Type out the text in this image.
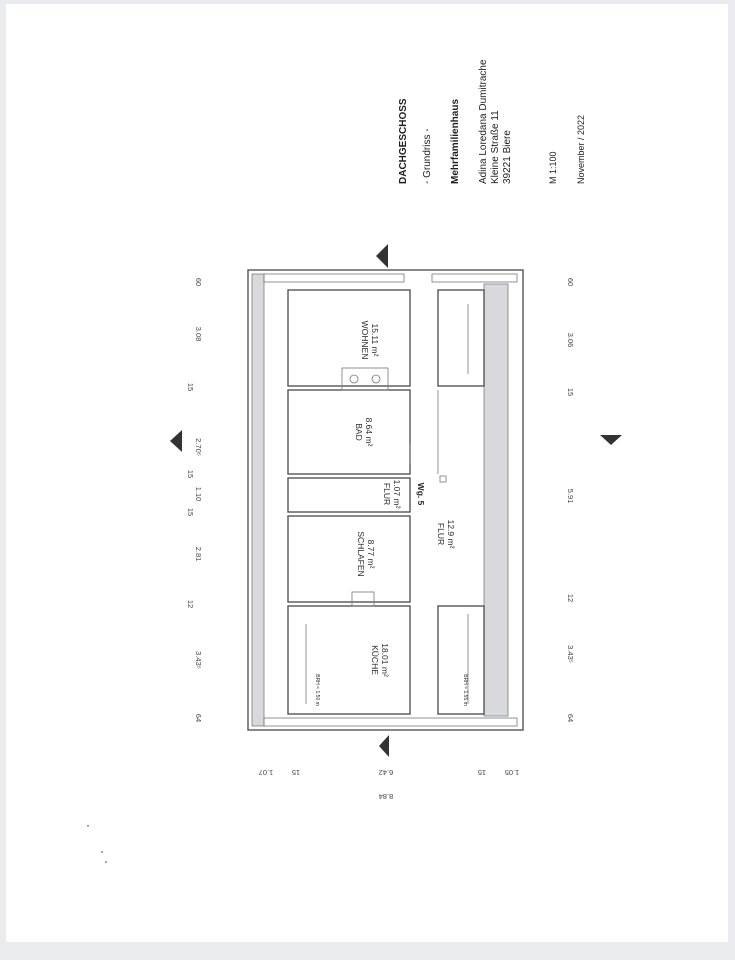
DACHGESCHOSS - Grundriss - Mehrfamilienhaus Adina Loredana Dumitrache Kleine Straße 11 39221 Biere	M 1:100 November / 2022
WOHNEN 15.11 m²
BAD 8.64 m²
FLUR 1.07 m² Wg. 5
SCHLAFEN 8.77 m²
FLUR 12.9 m²
KÜCHE 18.01 m²
BRH = 1.50 m	BRH = 1.55 m
60
3.08
15
2.70⁵
15
1.10
15
2.81
12
3.43⁵
64
60
3.06
15
5.91
12
3.43⁵
64
1.07 15	6.42	15 1.05
8.84
